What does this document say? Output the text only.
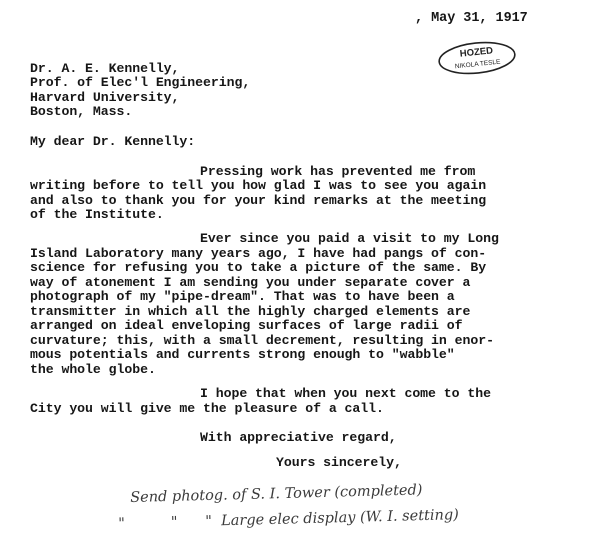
, May 31, 1917
HOZED
NIKOLA TESLE
Dr. A. E. Kennelly,
Prof. of Elec'l Engineering,
Harvard University,
Boston, Mass.
My dear Dr. Kennelly:
Pressing work has prevented me from
writing before to tell you how glad I was to see you again
and also to thank you for your kind remarks at the meeting
of the Institute.
Ever since you paid a visit to my Long
Island Laboratory many years ago, I have had pangs of con-
science for refusing you to take a picture of the same. By
way of atonement I am sending you under separate cover a
photograph of my "pipe-dream". That was to have been a
transmitter in which all the highly charged elements are
arranged on ideal enveloping surfaces of large radii of
curvature; this, with a small decrement, resulting in enor-
mous potentials and currents strong enough to "wabble"
the whole globe.
I hope that when you next come to the
City you will give me the pleasure of a call.
With appreciative regard,
Yours sincerely,
Send photog. of S. I. Tower (completed)
"          "      "  Large elec display (W. I. setting)
